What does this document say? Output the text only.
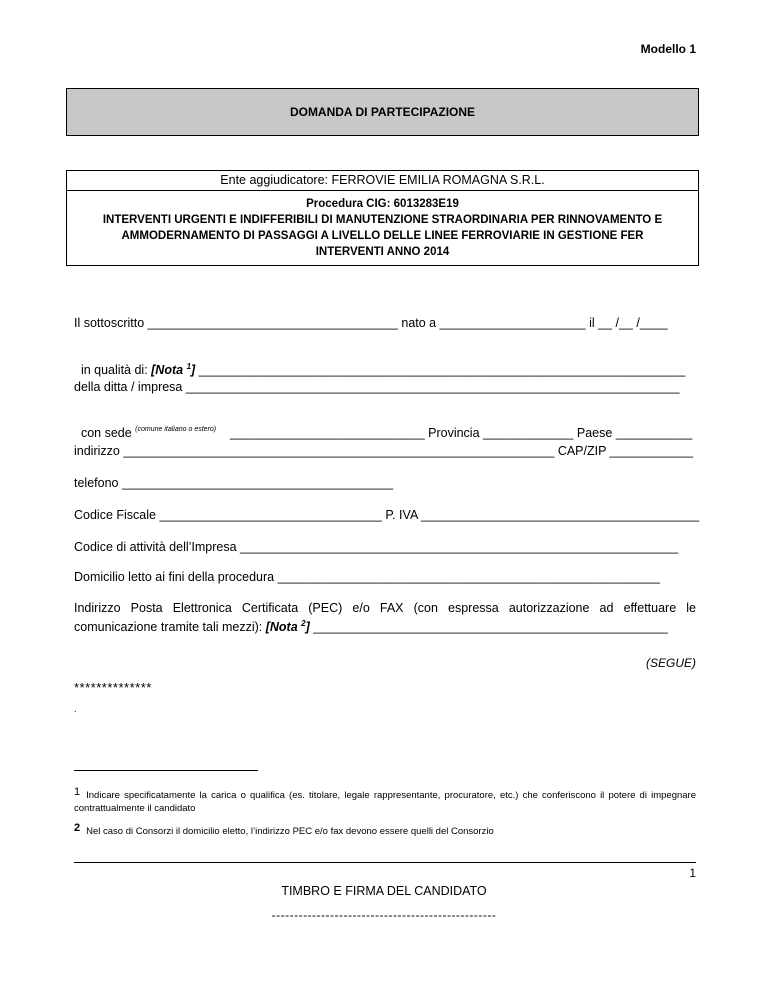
Modello 1
DOMANDA DI PARTECIPAZIONE
Ente aggiudicatore: FERROVIE EMILIA ROMAGNA S.R.L.
Procedura CIG: 6013283E19
INTERVENTI URGENTI E INDIFFERIBILI DI MANUTENZIONE STRAORDINARIA PER RINNOVAMENTO E
AMMODERNAMENTO DI PASSAGGI A LIVELLO DELLE LINEE FERROVIARIE IN GESTIONE FER
INTERVENTI ANNO 2014
Il sottoscritto ____________________________________ nato a _____________________ il __ /__ /____

in qualità di: [Nota $^1$] ______________________________________________________________________

della ditta / impresa _______________________________________________________________________

con sede $^{(comune italiano o estero)}$    ____________________________ Provincia _____________ Paese ___________

indirizzo ______________________________________________________________ CAP/ZIP ____________
telefono _______________________________________
Codice Fiscale ________________________________ P. IVA ________________________________________
Codice di attività dell’Impresa _______________________________________________________________
Domicilio letto ai fini della procedura _______________________________________________________
Indirizzo Posta Elettronica Certificata (PEC) e/o FAX (con espressa autorizzazione ad effettuare le comunicazione tramite tali mezzi): [Nota $^2$] ___________________________________________________
(SEGUE)
**************
.
$^1$ Indicare specificatamente la carica o qualifica (es. titolare, legale rappresentante, procuratore, etc.) che conferiscono il potere di impegnare contrattualmente il candidato
$^2$ Nel caso di Consorzi il domicilio eletto, l’indirizzo PEC e/o fax devono essere quelli del Consorzio
1
TIMBRO E FIRMA DEL CANDIDATO
--------------------------------------------------
